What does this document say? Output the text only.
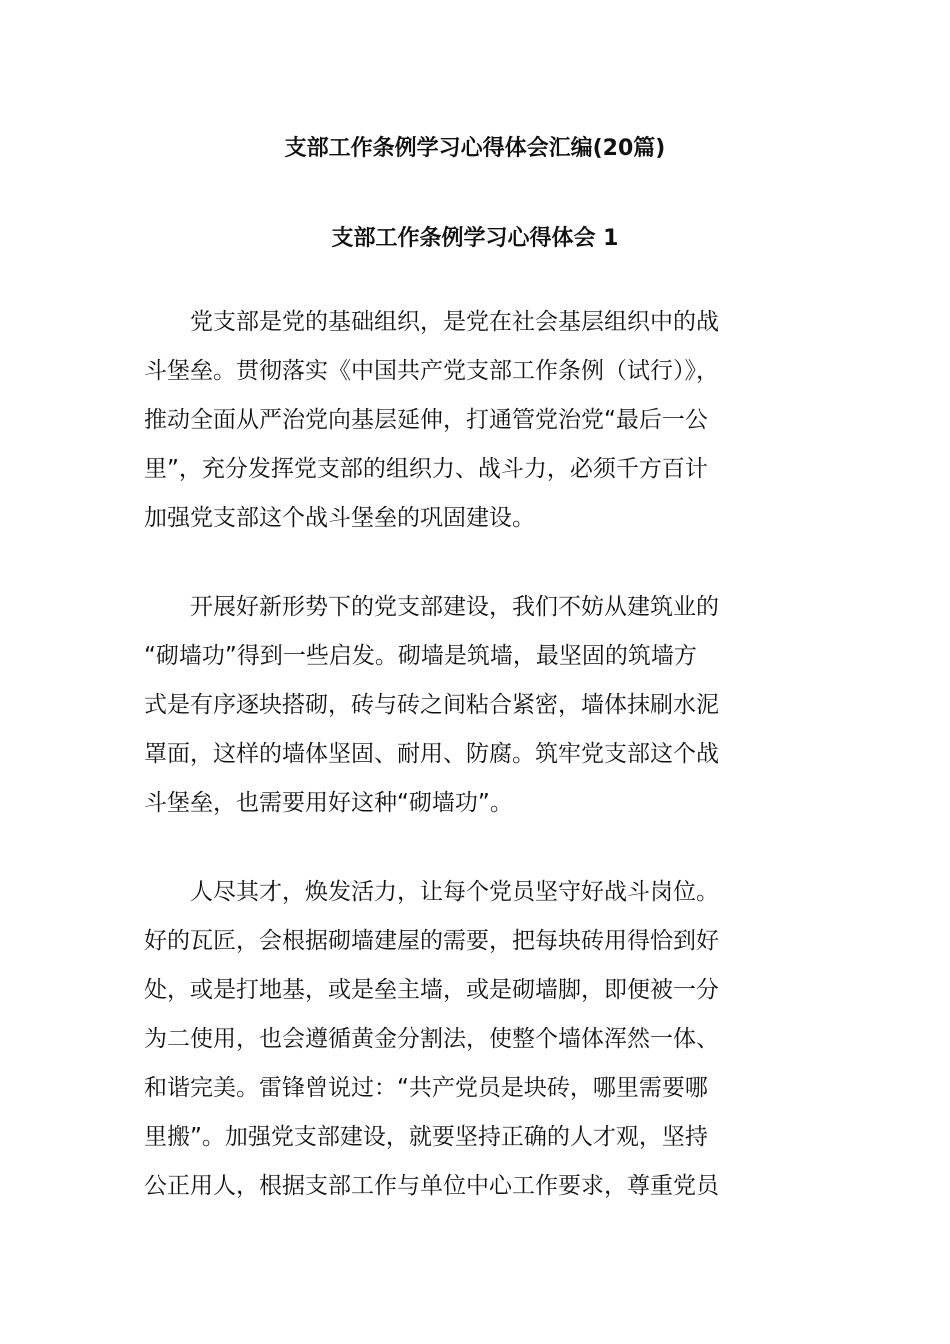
支部工作条例学习心得体会汇编(20篇)
支部工作条例学习心得体会 1

　　党支部是党的基础组织，是党在社会基层组织中的战
斗堡垒。贯彻落实《中国共产党支部工作条例（试行）》，
推动全面从严治党向基层延伸，打通管党治党“最后一公
里”，充分发挥党支部的组织力、战斗力，必须千方百计
加强党支部这个战斗堡垒的巩固建设。

　　开展好新形势下的党支部建设，我们不妨从建筑业的
“砌墙功”得到一些启发。砌墙是筑墙，最坚固的筑墙方
式是有序逐块搭砌，砖与砖之间粘合紧密，墙体抹刷水泥
罩面，这样的墙体坚固、耐用、防腐。筑牢党支部这个战
斗堡垒，也需要用好这种“砌墙功”。

　　人尽其才，焕发活力，让每个党员坚守好战斗岗位。
好的瓦匠，会根据砌墙建屋的需要，把每块砖用得恰到好
处，或是打地基，或是垒主墙，或是砌墙脚，即便被一分
为二使用，也会遵循黄金分割法，使整个墙体浑然一体、
和谐完美。雷锋曾说过：“共产党员是块砖，哪里需要哪
里搬”。加强党支部建设，就要坚持正确的人才观，坚持
公正用人，根据支部工作与单位中心工作要求，尊重党员
